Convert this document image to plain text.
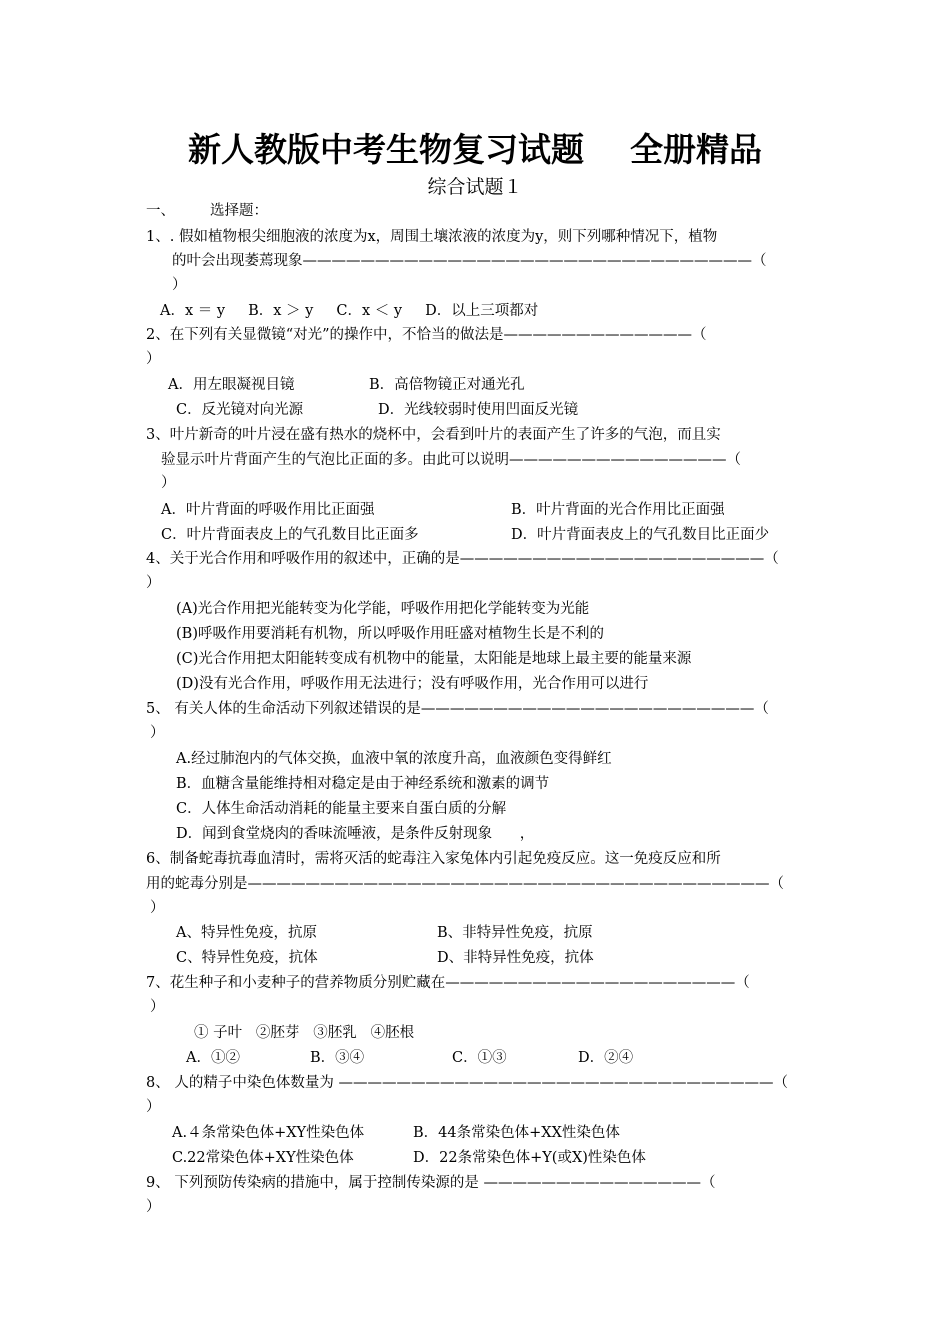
新人教版中考生物复习试题    全册精品
综合试题１
一、 选择题：
1、. 假如植物根尖细胞液的浓度为x，周围土壤浓液的浓度为y，则下列哪种情况下，植物
的叶会出现萎蔫现象———————————————————————————————（
）
A．x ＝ y     B．x ＞ y     C．x ＜ y     D．以上三项都对
2、在下列有关显微镜“对光”的操作中，不恰当的做法是—————————————（
）
A．用左眼凝视目镜	B．高倍物镜正对通光孔
C．反光镜对向光源	D．光线较弱时使用凹面反光镜
3、叶片新奇的叶片浸在盛有热水的烧杯中，会看到叶片的表面产生了许多的气泡，而且实
验显示叶片背面产生的气泡比正面的多。由此可以说明———————————————（
）
A．叶片背面的呼吸作用比正面强	B．叶片背面的光合作用比正面强
C．叶片背面表皮上的气孔数目比正面多	D．叶片背面表皮上的气孔数目比正面少
4、关于光合作用和呼吸作用的叙述中，正确的是—————————————————————（
）
(A)光合作用把光能转变为化学能，呼吸作用把化学能转变为光能
(B)呼吸作用要消耗有机物，所以呼吸作用旺盛对植物生长是不利的
(C)光合作用把太阳能转变成有机物中的能量，太阳能是地球上最主要的能量来源
(D)没有光合作用，呼吸作用无法进行；没有呼吸作用，光合作用可以进行
5、 有关人体的生命活动下列叙述错误的是———————————————————————（
）
A.经过肺泡内的气体交换，血液中氧的浓度升高，血液颜色变得鲜红
B．血糖含量能维持相对稳定是由于神经系统和激素的调节
C．人体生命活动消耗的能量主要来自蛋白质的分解
D．闻到食堂烧肉的香味流唾液，是条件反射现象      ，
6、制备蛇毒抗毒血清时，需将灭活的蛇毒注入家兔体内引起免疫反应。这一免疫反应和所
用的蛇毒分别是————————————————————————————————————（
）
A、特异性免疫，抗原	B、非特异性免疫，抗原
C、特异性免疫，抗体	D、非特异性免疫，抗体
7、花生种子和小麦种子的营养物质分别贮藏在————————————————————（
）
① 子叶   ②胚芽   ③胚乳   ④胚根
A．①②	B．③④	C．①③	D．②④
8、 人的精子中染色体数量为 ——————————————————————————————（
）
A.４条常染色体+XY性染色体	B．44条常染色体+XX性染色体
C.22常染色体+XY性染色体	D．22条常染色体+Y(或X)性染色体
9、 下列预防传染病的措施中，属于控制传染源的是 ———————————————（
）
